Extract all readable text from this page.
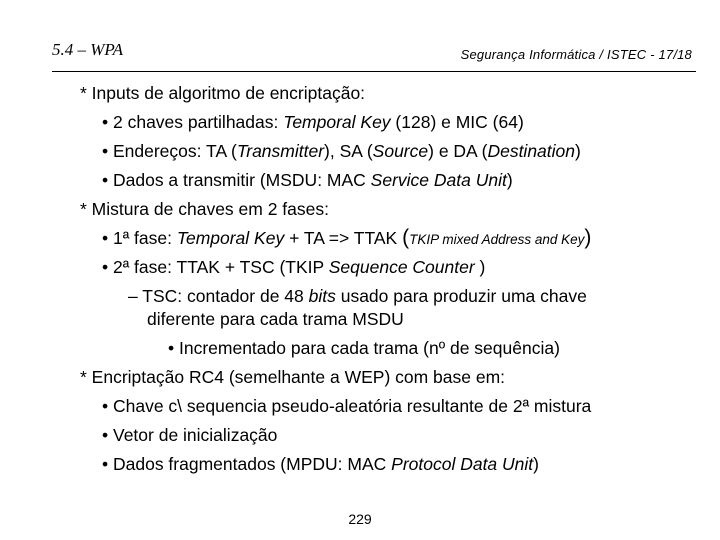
5.4 – WPA	Segurança Informática / ISTEC - 17/18
* Inputs de algoritmo de encriptação:
• 2 chaves partilhadas: Temporal Key (128) e MIC (64)
• Endereços: TA (Transmitter), SA (Source) e DA (Destination)
• Dados a transmitir (MSDU: MAC Service Data Unit)
* Mistura de chaves em 2 fases:
• 1ª fase: Temporal Key + TA => TTAK (TKIP mixed Address and Key)
• 2ª fase: TTAK + TSC (TKIP Sequence Counter )
– TSC: contador de 48 bits usado para produzir uma chave
diferente para cada trama MSDU
• Incrementado para cada trama (nº de sequência)
* Encriptação RC4 (semelhante a WEP) com base em:
• Chave c\ sequencia pseudo-aleatória resultante de 2ª mistura
• Vetor de inicialização
• Dados fragmentados (MPDU: MAC Protocol Data Unit)
229
